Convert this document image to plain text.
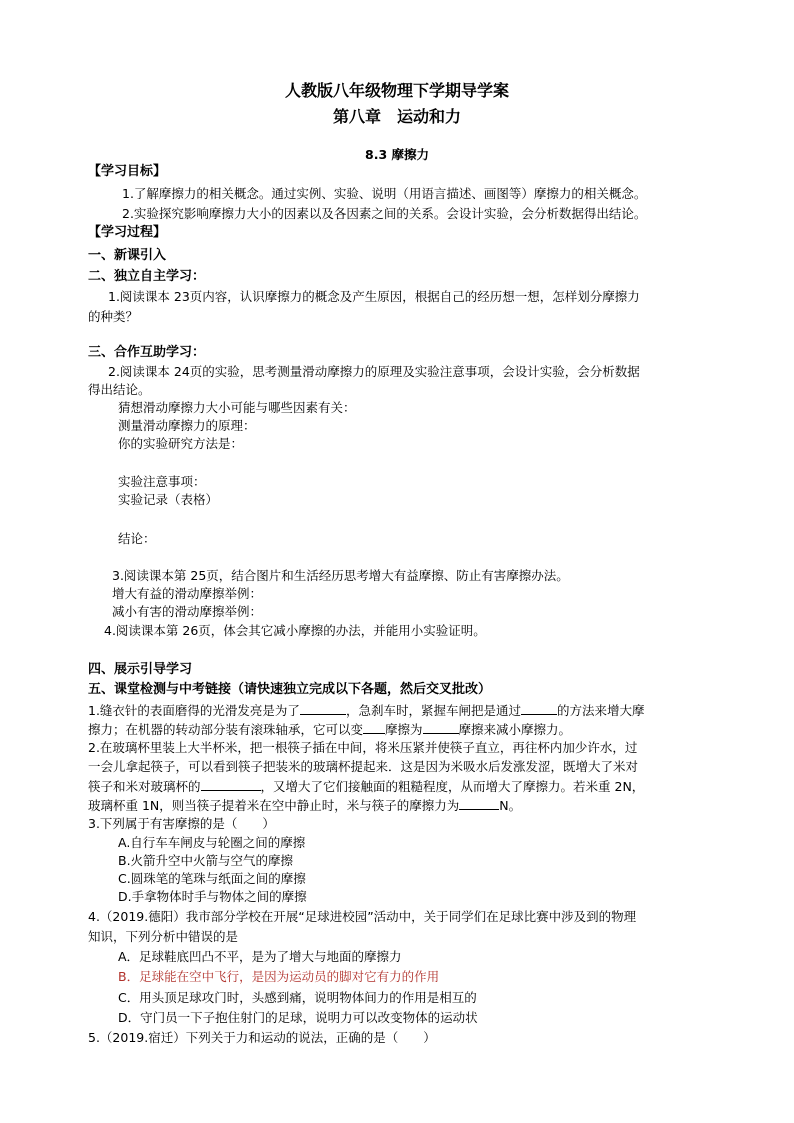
人教版八年级物理下学期导学案
第八章　运动和力
8.3 摩擦力
【学习目标】
1.了解摩擦力的相关概念。通过实例、实验、说明（用语言描述、画图等）摩擦力的相关概念。
2.实验探究影响摩擦力大小的因素以及各因素之间的关系。会设计实验，会分析数据得出结论。
【学习过程】
一、新课引入
二、独立自主学习：
1.阅读课本 23页内容，认识摩擦力的概念及产生原因，根据自己的经历想一想，怎样划分摩擦力
的种类？
三、合作互助学习：
2.阅读课本 24页的实验，思考测量滑动摩擦力的原理及实验注意事项，会设计实验，会分析数据
得出结论。
猜想滑动摩擦力大小可能与哪些因素有关：
测量滑动摩擦力的原理：
你的实验研究方法是：
实验注意事项：
实验记录（表格）
结论：
3.阅读课本第 25页，结合图片和生活经历思考增大有益摩擦、防止有害摩擦办法。
增大有益的滑动摩擦举例：
减小有害的滑动摩擦举例：
4.阅读课本第 26页，体会其它减小摩擦的办法，并能用小实验证明。
四、展示引导学习
五、课堂检测与中考链接（请快速独立完成以下各题，然后交叉批改）
1.缝衣针的表面磨得的光滑发亮是为了	，急刹车时，紧握车闸把是通过	的方法来增大摩
擦力；在机器的转动部分装有滚珠轴承，它可以变 摩擦为	摩擦来减小摩擦力。
2.在玻璃杯里装上大半杯米，把一根筷子插在中间，将米压紧并使筷子直立，再往杯内加少许水，过
一会儿拿起筷子，可以看到筷子把装米的玻璃杯提起来．这是因为米吸水后发涨发涩，既增大了米对
筷子和米对玻璃杯的	，又增大了它们接触面的粗糙程度，从而增大了摩擦力。若米重 2N，
玻璃杯重 1N，则当筷子提着米在空中静止时，米与筷子的摩擦力为	N。
3.下列属于有害摩擦的是（　　）
A.自行车车闸皮与轮圈之间的摩擦
B.火箭升空中火箭与空气的摩擦
C.圆珠笔的笔珠与纸面之间的摩擦
D.手拿物体时手与物体之间的摩擦
4.（2019.德阳）我市部分学校在开展“足球进校园”活动中，关于同学们在足球比赛中涉及到的物理
知识，下列分析中错误的是
A．足球鞋底凹凸不平，是为了增大与地面的摩擦力
B．足球能在空中飞行，是因为运动员的脚对它有力的作用
C．用头顶足球攻门时，头感到痛，说明物体间力的作用是相互的
D．守门员一下子抱住射门的足球，说明力可以改变物体的运动状
5.（2019.宿迁）下列关于力和运动的说法，正确的是（　　）
